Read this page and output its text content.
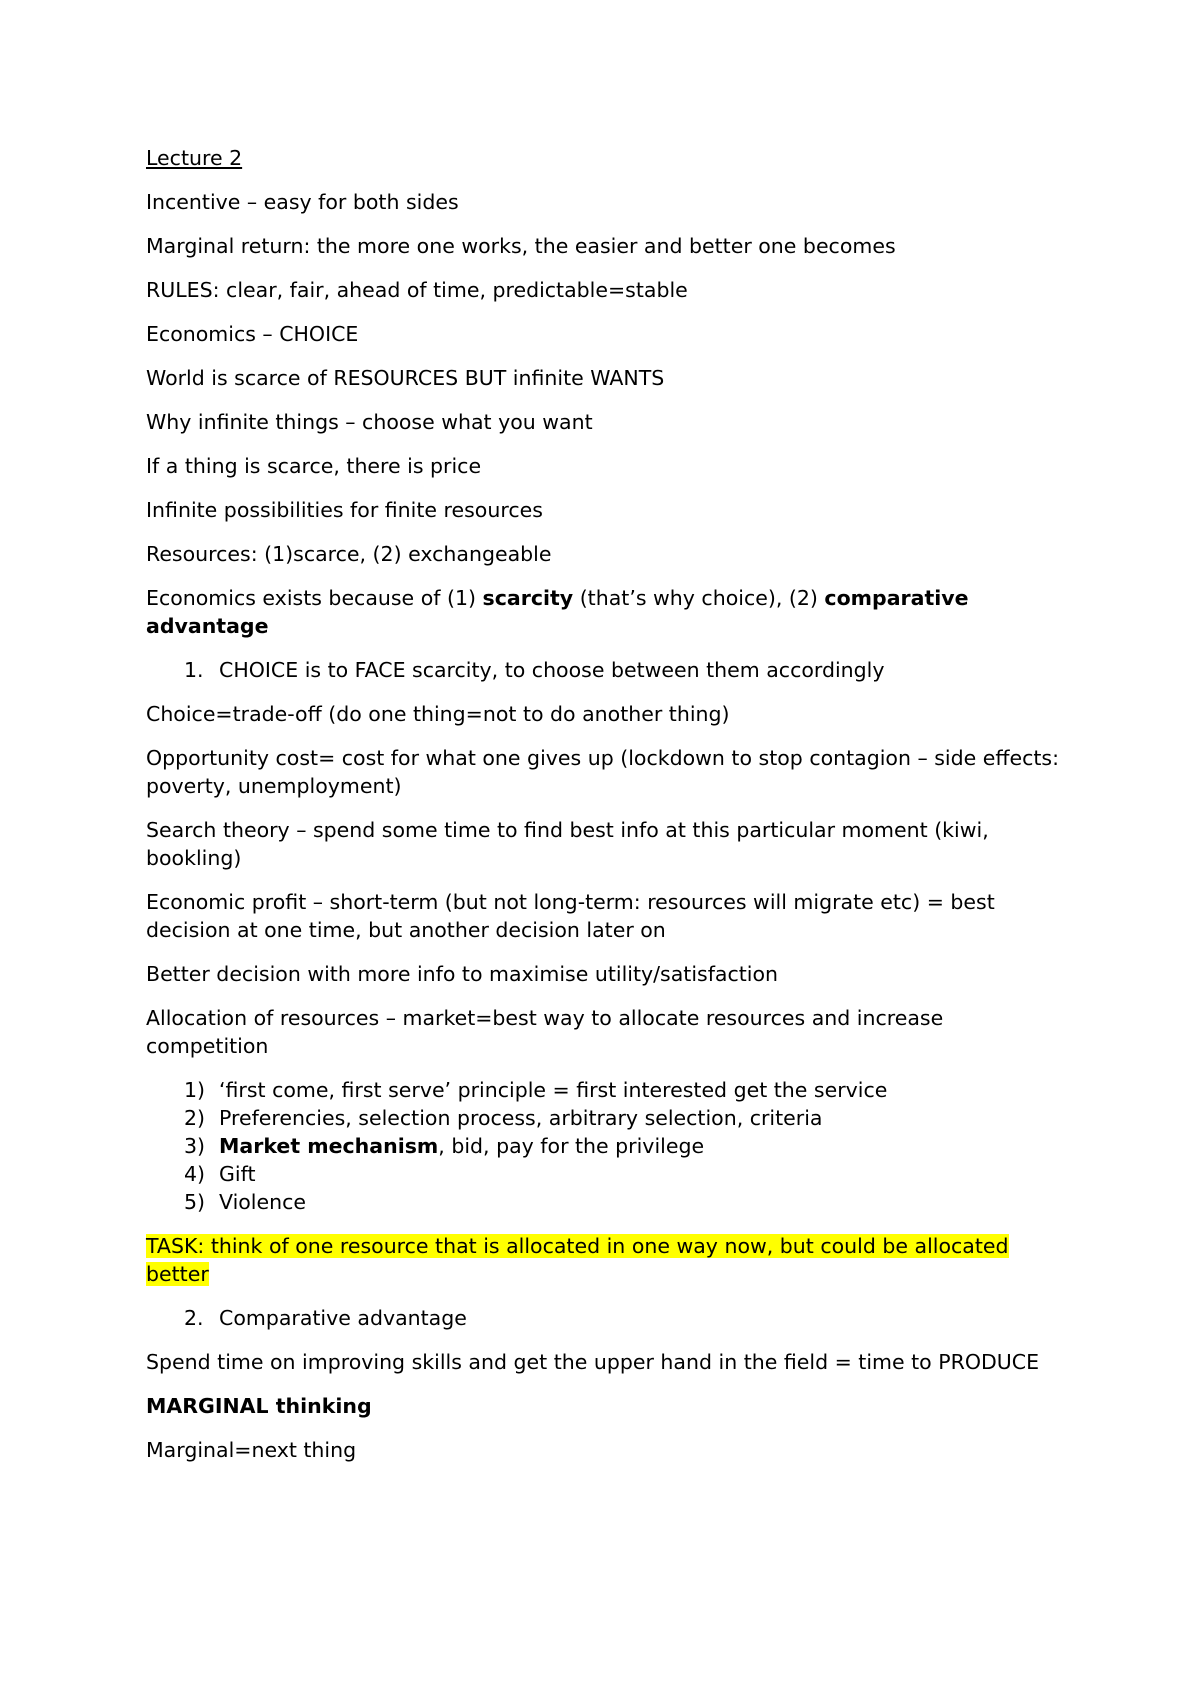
Lecture 2

Incentive – easy for both sides

Marginal return: the more one works, the easier and better one becomes

RULES: clear, fair, ahead of time, predictable=stable

Economics – CHOICE

World is scarce of RESOURCES BUT infinite WANTS

Why infinite things – choose what you want

If a thing is scarce, there is price

Infinite possibilities for finite resources

Resources: (1)scarce, (2) exchangeable

Economics exists because of (1) scarcity (that’s why choice), (2) comparative advantage

1. CHOICE is to FACE scarcity, to choose between them accordingly

Choice=trade-off (do one thing=not to do another thing)

Opportunity cost= cost for what one gives up (lockdown to stop contagion – side effects: poverty, unemployment)

Search theory – spend some time to find best info at this particular moment (kiwi, bookling)

Economic profit – short-term (but not long-term: resources will migrate etc) = best decision at one time, but another decision later on

Better decision with more info to maximise utility/satisfaction

Allocation of resources – market=best way to allocate resources and increase competition

1) ‘first come, first serve’ principle = first interested get the service
2) Preferencies, selection process, arbitrary selection, criteria
3) Market mechanism, bid, pay for the privilege
4) Gift
5) Violence

TASK: think of one resource that is allocated in one way now, but could be allocated better

2. Comparative advantage

Spend time on improving skills and get the upper hand in the field = time to PRODUCE

MARGINAL thinking

Marginal=next thing
